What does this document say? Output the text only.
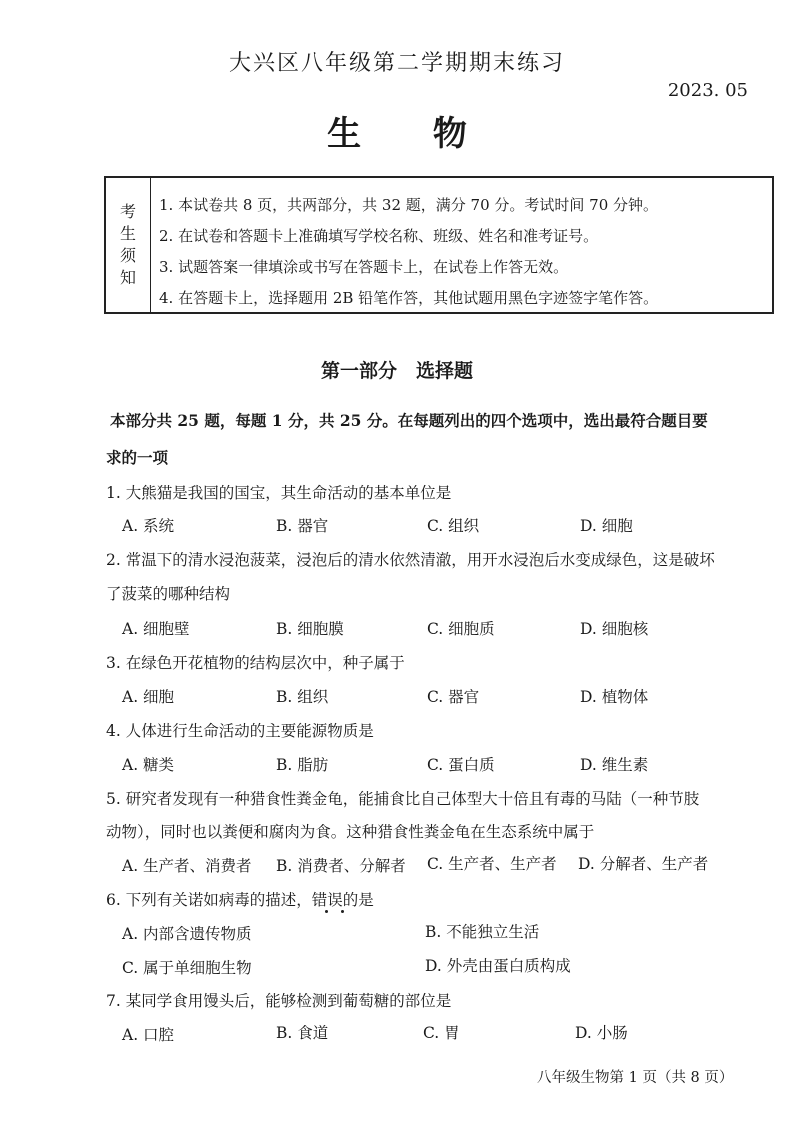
大兴区八年级第二学期期末练习
2023. 05
生 物
考
生
须
知
1. 本试卷共 8 页，共两部分，共 32 题，满分 70 分。考试时间 70 分钟。
2. 在试卷和答题卡上准确填写学校名称、班级、姓名和准考证号。
3. 试题答案一律填涂或书写在答题卡上，在试卷上作答无效。
4. 在答题卡上，选择题用 2B 铅笔作答，其他试题用黑色字迹签字笔作答。
第一部分　选择题
本部分共 25 题，每题 1 分，共 25 分。在每题列出的四个选项中，选出最符合题目要
求的一项
1. 大熊猫是我国的国宝，其生命活动的基本单位是
A. 系统	B. 器官	C. 组织	D. 细胞
2. 常温下的清水浸泡菠菜，浸泡后的清水依然清澈，用开水浸泡后水变成绿色，这是破坏
了菠菜的哪种结构
A. 细胞壁	B. 细胞膜	C. 细胞质	D. 细胞核
3. 在绿色开花植物的结构层次中，种子属于
A. 细胞	B. 组织	C. 器官	D. 植物体
4. 人体进行生命活动的主要能源物质是
A. 糖类	B. 脂肪	C. 蛋白质	D. 维生素
5. 研究者发现有一种猎食性粪金龟，能捕食比自己体型大十倍且有毒的马陆（一种节肢
动物），同时也以粪便和腐肉为食。这种猎食性粪金龟在生态系统中属于
A. 生产者、消费者 B. 消费者、分解者 C. 生产者、生产者 D. 分解者、生产者
6. 下列有关诺如病毒的描述，错误的是
A. 内部含遗传物质	B. 不能独立生活
C. 属于单细胞生物	D. 外壳由蛋白质构成
7. 某同学食用馒头后，能够检测到葡萄糖的部位是
A. 口腔	B. 食道	C. 胃	D. 小肠
八年级生物第 1 页（共 8 页）
